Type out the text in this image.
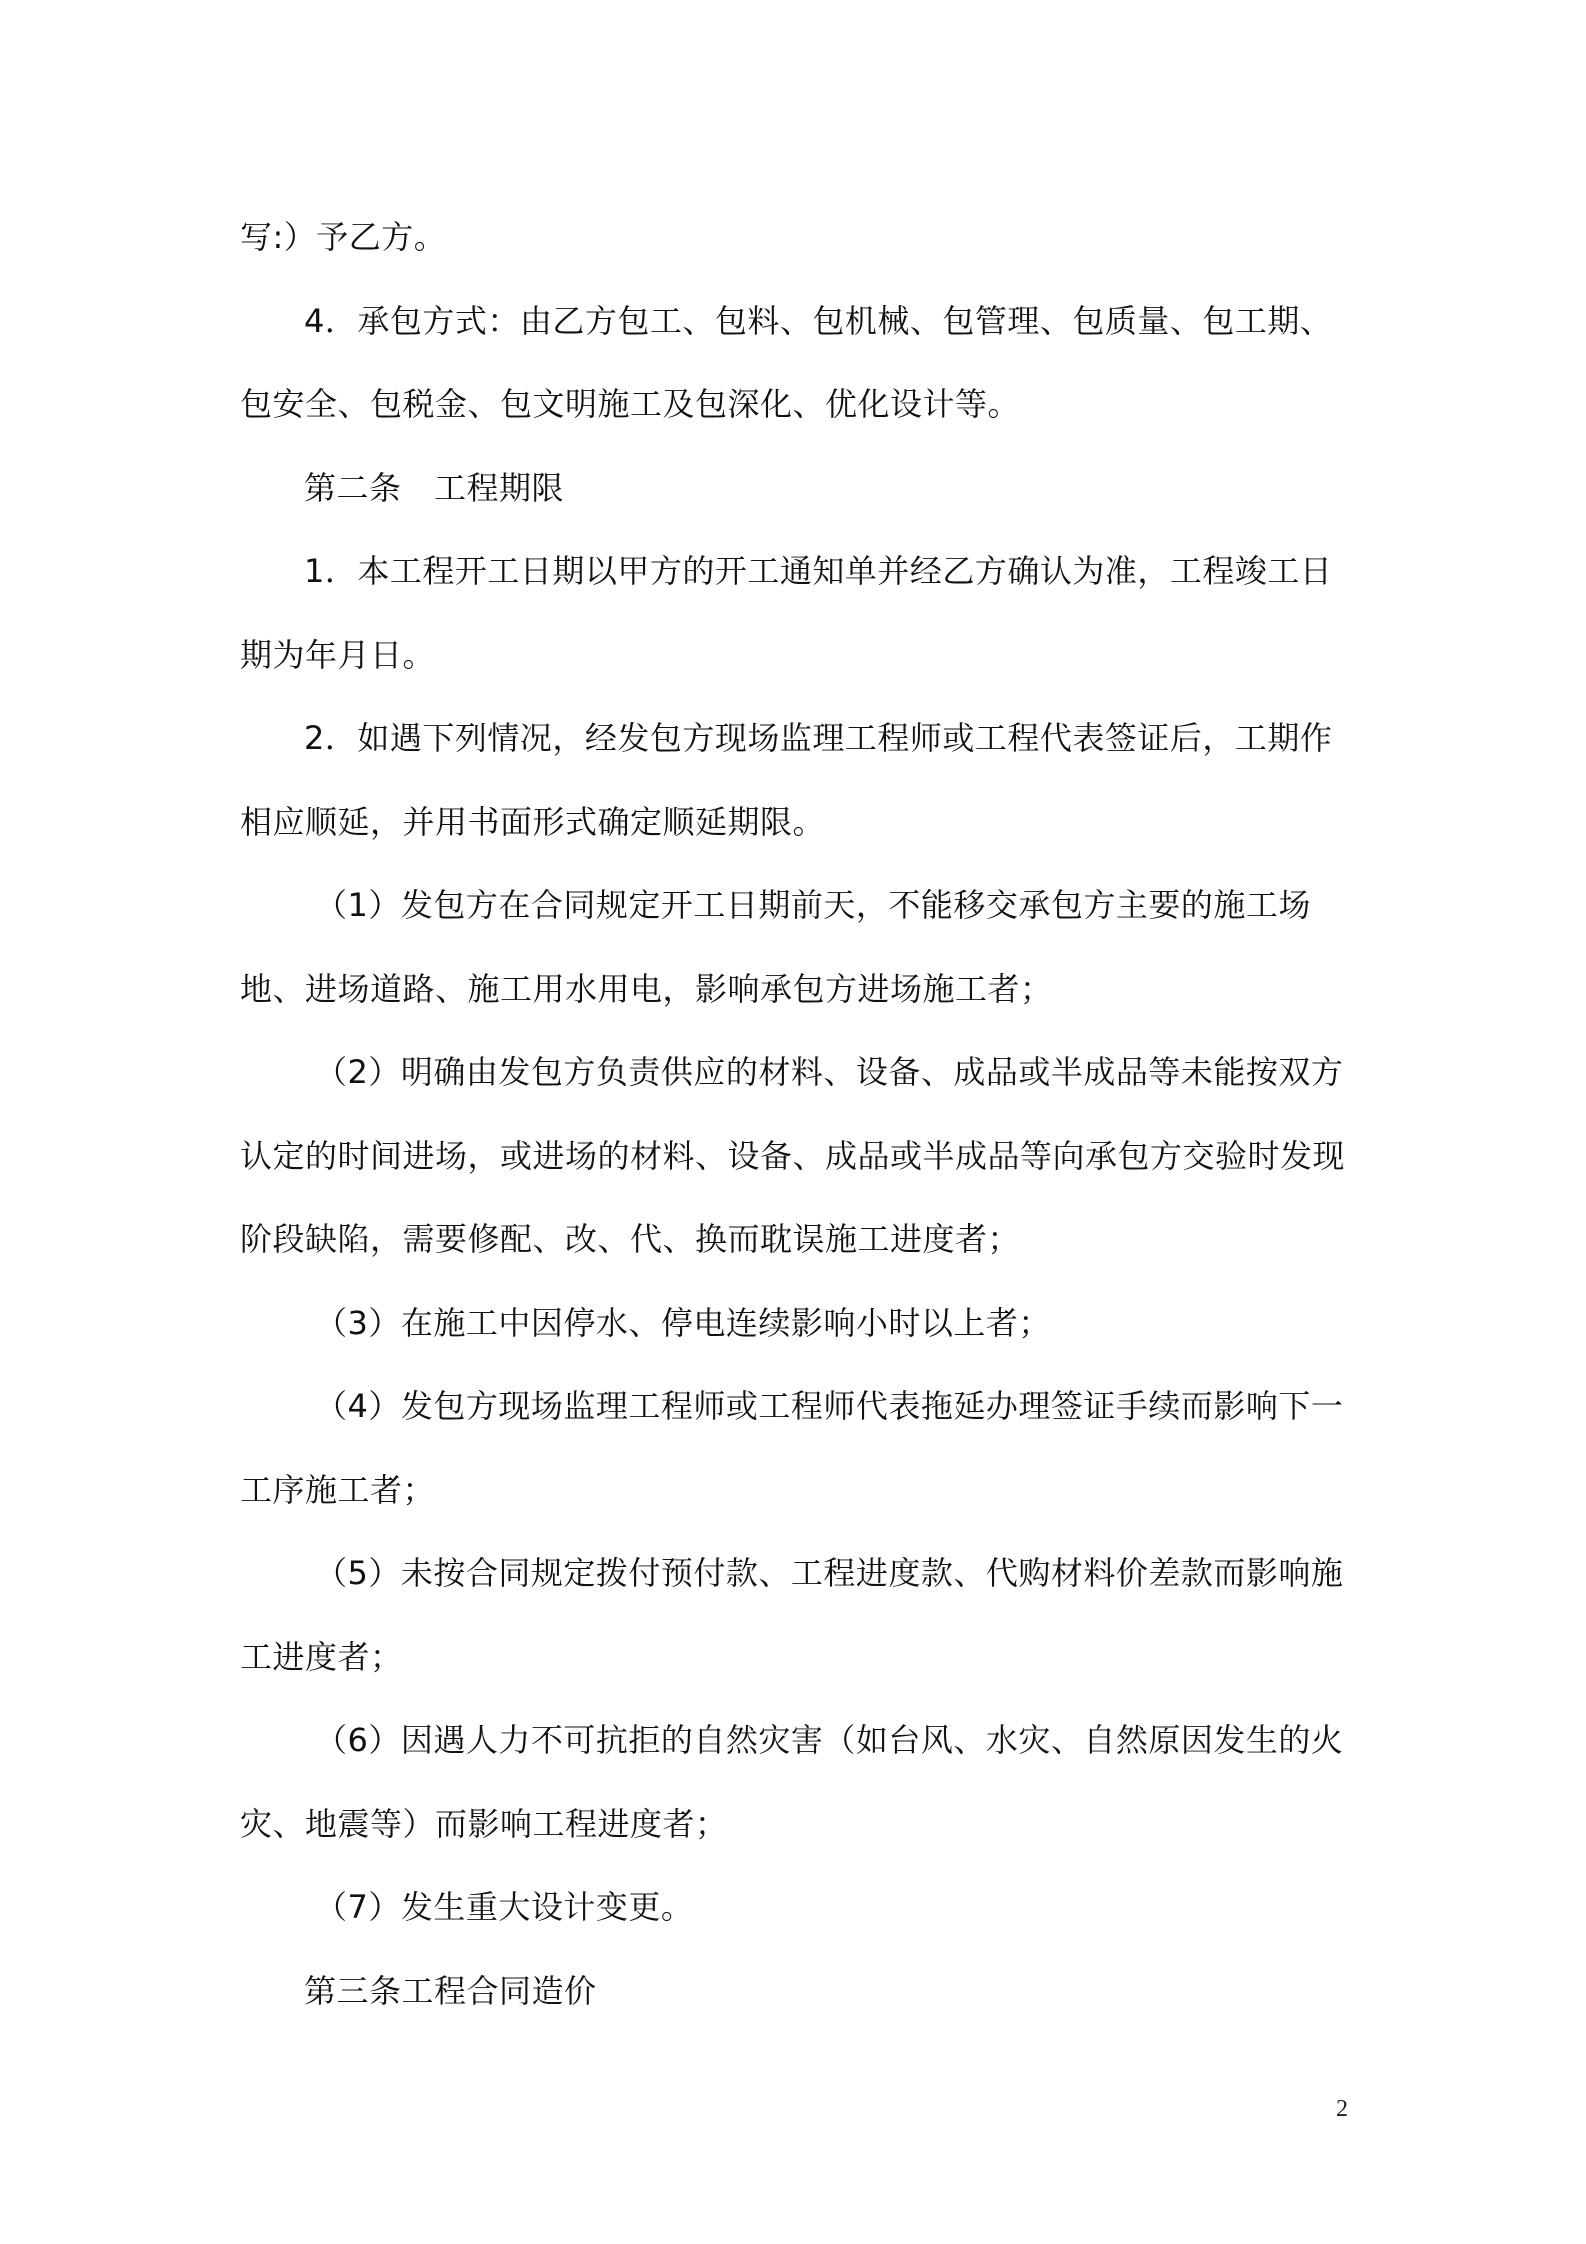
写:）予乙方。

4．承包方式：由乙方包工、包料、包机械、包管理、包质量、包工期、包安全、包税金、包文明施工及包深化、优化设计等。

第二条　工程期限

1．本工程开工日期以甲方的开工通知单并经乙方确认为准，工程竣工日期为年月日。

2．如遇下列情况，经发包方现场监理工程师或工程代表签证后，工期作相应顺延，并用书面形式确定顺延期限。

（1）发包方在合同规定开工日期前天，不能移交承包方主要的施工场地、进场道路、施工用水用电，影响承包方进场施工者；

（2）明确由发包方负责供应的材料、设备、成品或半成品等未能按双方认定的时间进场，或进场的材料、设备、成品或半成品等向承包方交验时发现阶段缺陷，需要修配、改、代、换而耽误施工进度者；

（3）在施工中因停水、停电连续影响小时以上者；

（4）发包方现场监理工程师或工程师代表拖延办理签证手续而影响下一工序施工者；

（5）未按合同规定拨付预付款、工程进度款、代购材料价差款而影响施工进度者；

（6）因遇人力不可抗拒的自然灾害（如台风、水灾、自然原因发生的火灾、地震等）而影响工程进度者；

（7）发生重大设计变更。

第三条工程合同造价

2
